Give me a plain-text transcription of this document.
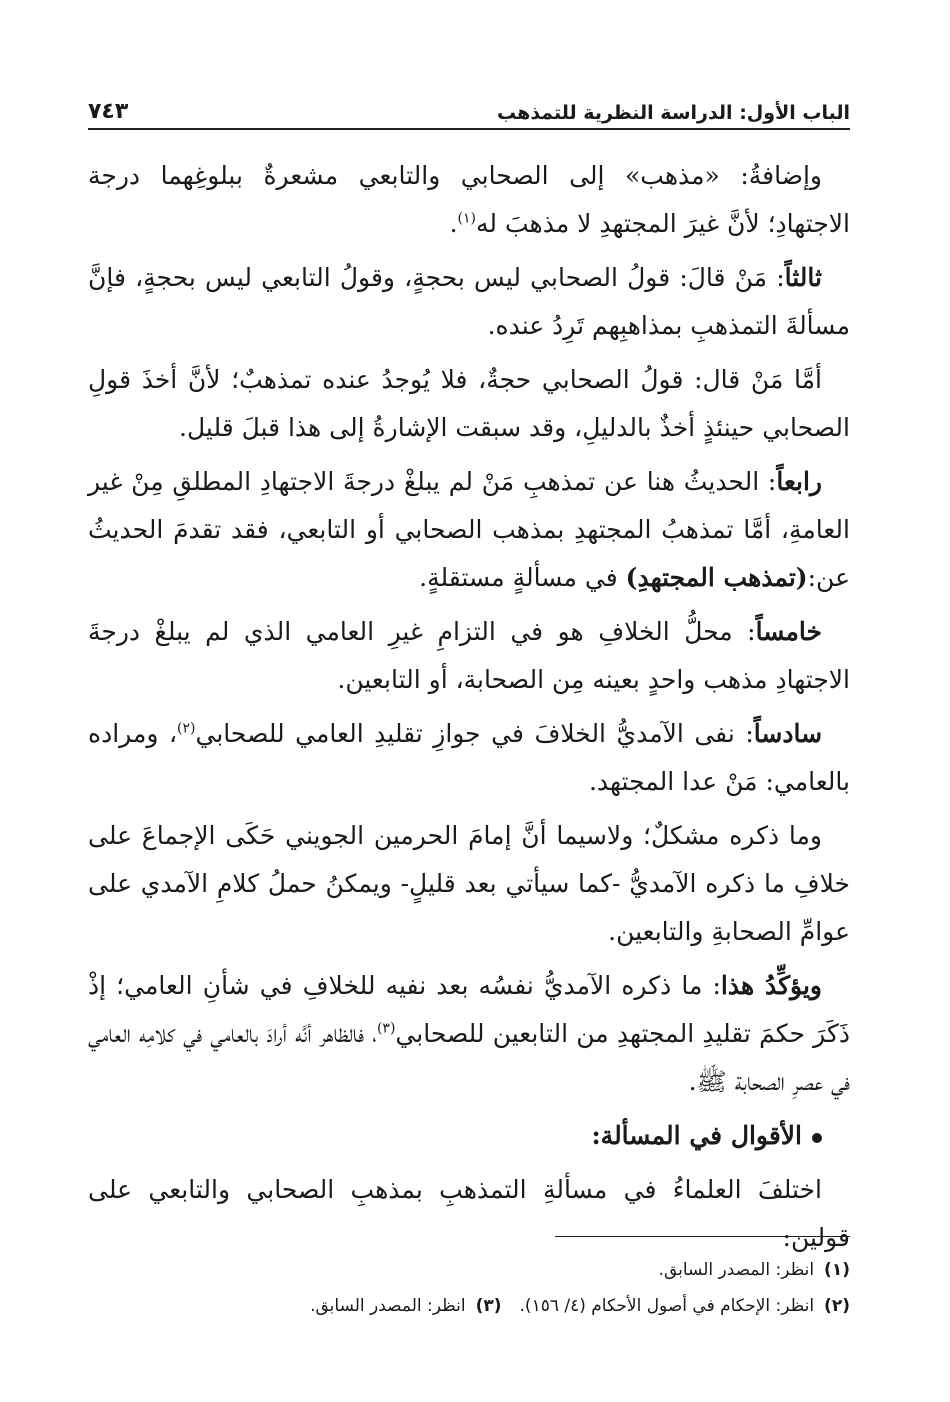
الباب الأول: الدراسة النظرية للتمذهب
٧٤٣

وإضافةُ: «مذهب» إلى الصحابي والتابعي مشعرةٌ ببلوغِهما درجة الاجتهادِ؛ لأنَّ غيرَ المجتهدِ لا مذهبَ له$^{(١)}$.

ثالثاً: مَنْ قالَ: قولُ الصحابي ليس بحجةٍ، وقولُ التابعي ليس بحجةٍ، فإنَّ مسألةَ التمذهبِ بمذاهبِهم تَرِدُ عنده.

أمَّا مَنْ قال: قولُ الصحابي حجةٌ، فلا يُوجدُ عنده تمذهبٌ؛ لأنَّ أخذَ قولِ الصحابي حينئذٍ أخذٌ بالدليلِ، وقد سبقت الإشارةُ إلى هذا قبلَ قليل.

رابعاً: الحديثُ هنا عن تمذهبِ مَنْ لم يبلغْ درجةَ الاجتهادِ المطلقِ مِنْ غير العامةِ، أمَّا تمذهبُ المجتهدِ بمذهب الصحابي أو التابعي، فقد تقدمَ الحديثُ عن:(تمذهب المجتهدِ) في مسألةٍ مستقلةٍ.

خامساً: محلُّ الخلافِ هو في التزامِ غيرِ العامي الذي لم يبلغْ درجةَ الاجتهادِ مذهب واحدٍ بعينه مِن الصحابة، أو التابعين.

سادساً: نفى الآمديُّ الخلافَ في جوازِ تقليدِ العامي للصحابي$^{(٢)}$، ومراده بالعامي: مَنْ عدا المجتهد.

وما ذكره مشكلٌ؛ ولاسيما أنَّ إمامَ الحرمين الجويني حَكَى الإجماعَ على خلافِ ما ذكره الآمديُّ -كما سيأتي بعد قليلٍ- ويمكنُ حملُ كلامِ الآمدي على عوامِّ الصحابةِ والتابعين.

ويؤكِّدُ هذا: ما ذكره الآمديُّ نفسُه بعد نفيه للخلافِ في شأنِ العامي؛ إذْ ذَكَرَ حكمَ تقليدِ المجتهدِ من التابعين للصحابي$^{(٣)}$، فالظاهر أنَّه أرادَ بالعامي في كلامِه العامي في عصرِ الصحابة ﷺ.

الأقوال في المسألة:

اختلفَ العلماءُ في مسألةِ التمذهبِ بمذهبِ الصحابي والتابعي على قولين:

(١)انظر: المصدر السابق.
(٢)انظر: الإحكام في أصول الأحكام (٤/ ١٥٦).(٣)انظر: المصدر السابق.
